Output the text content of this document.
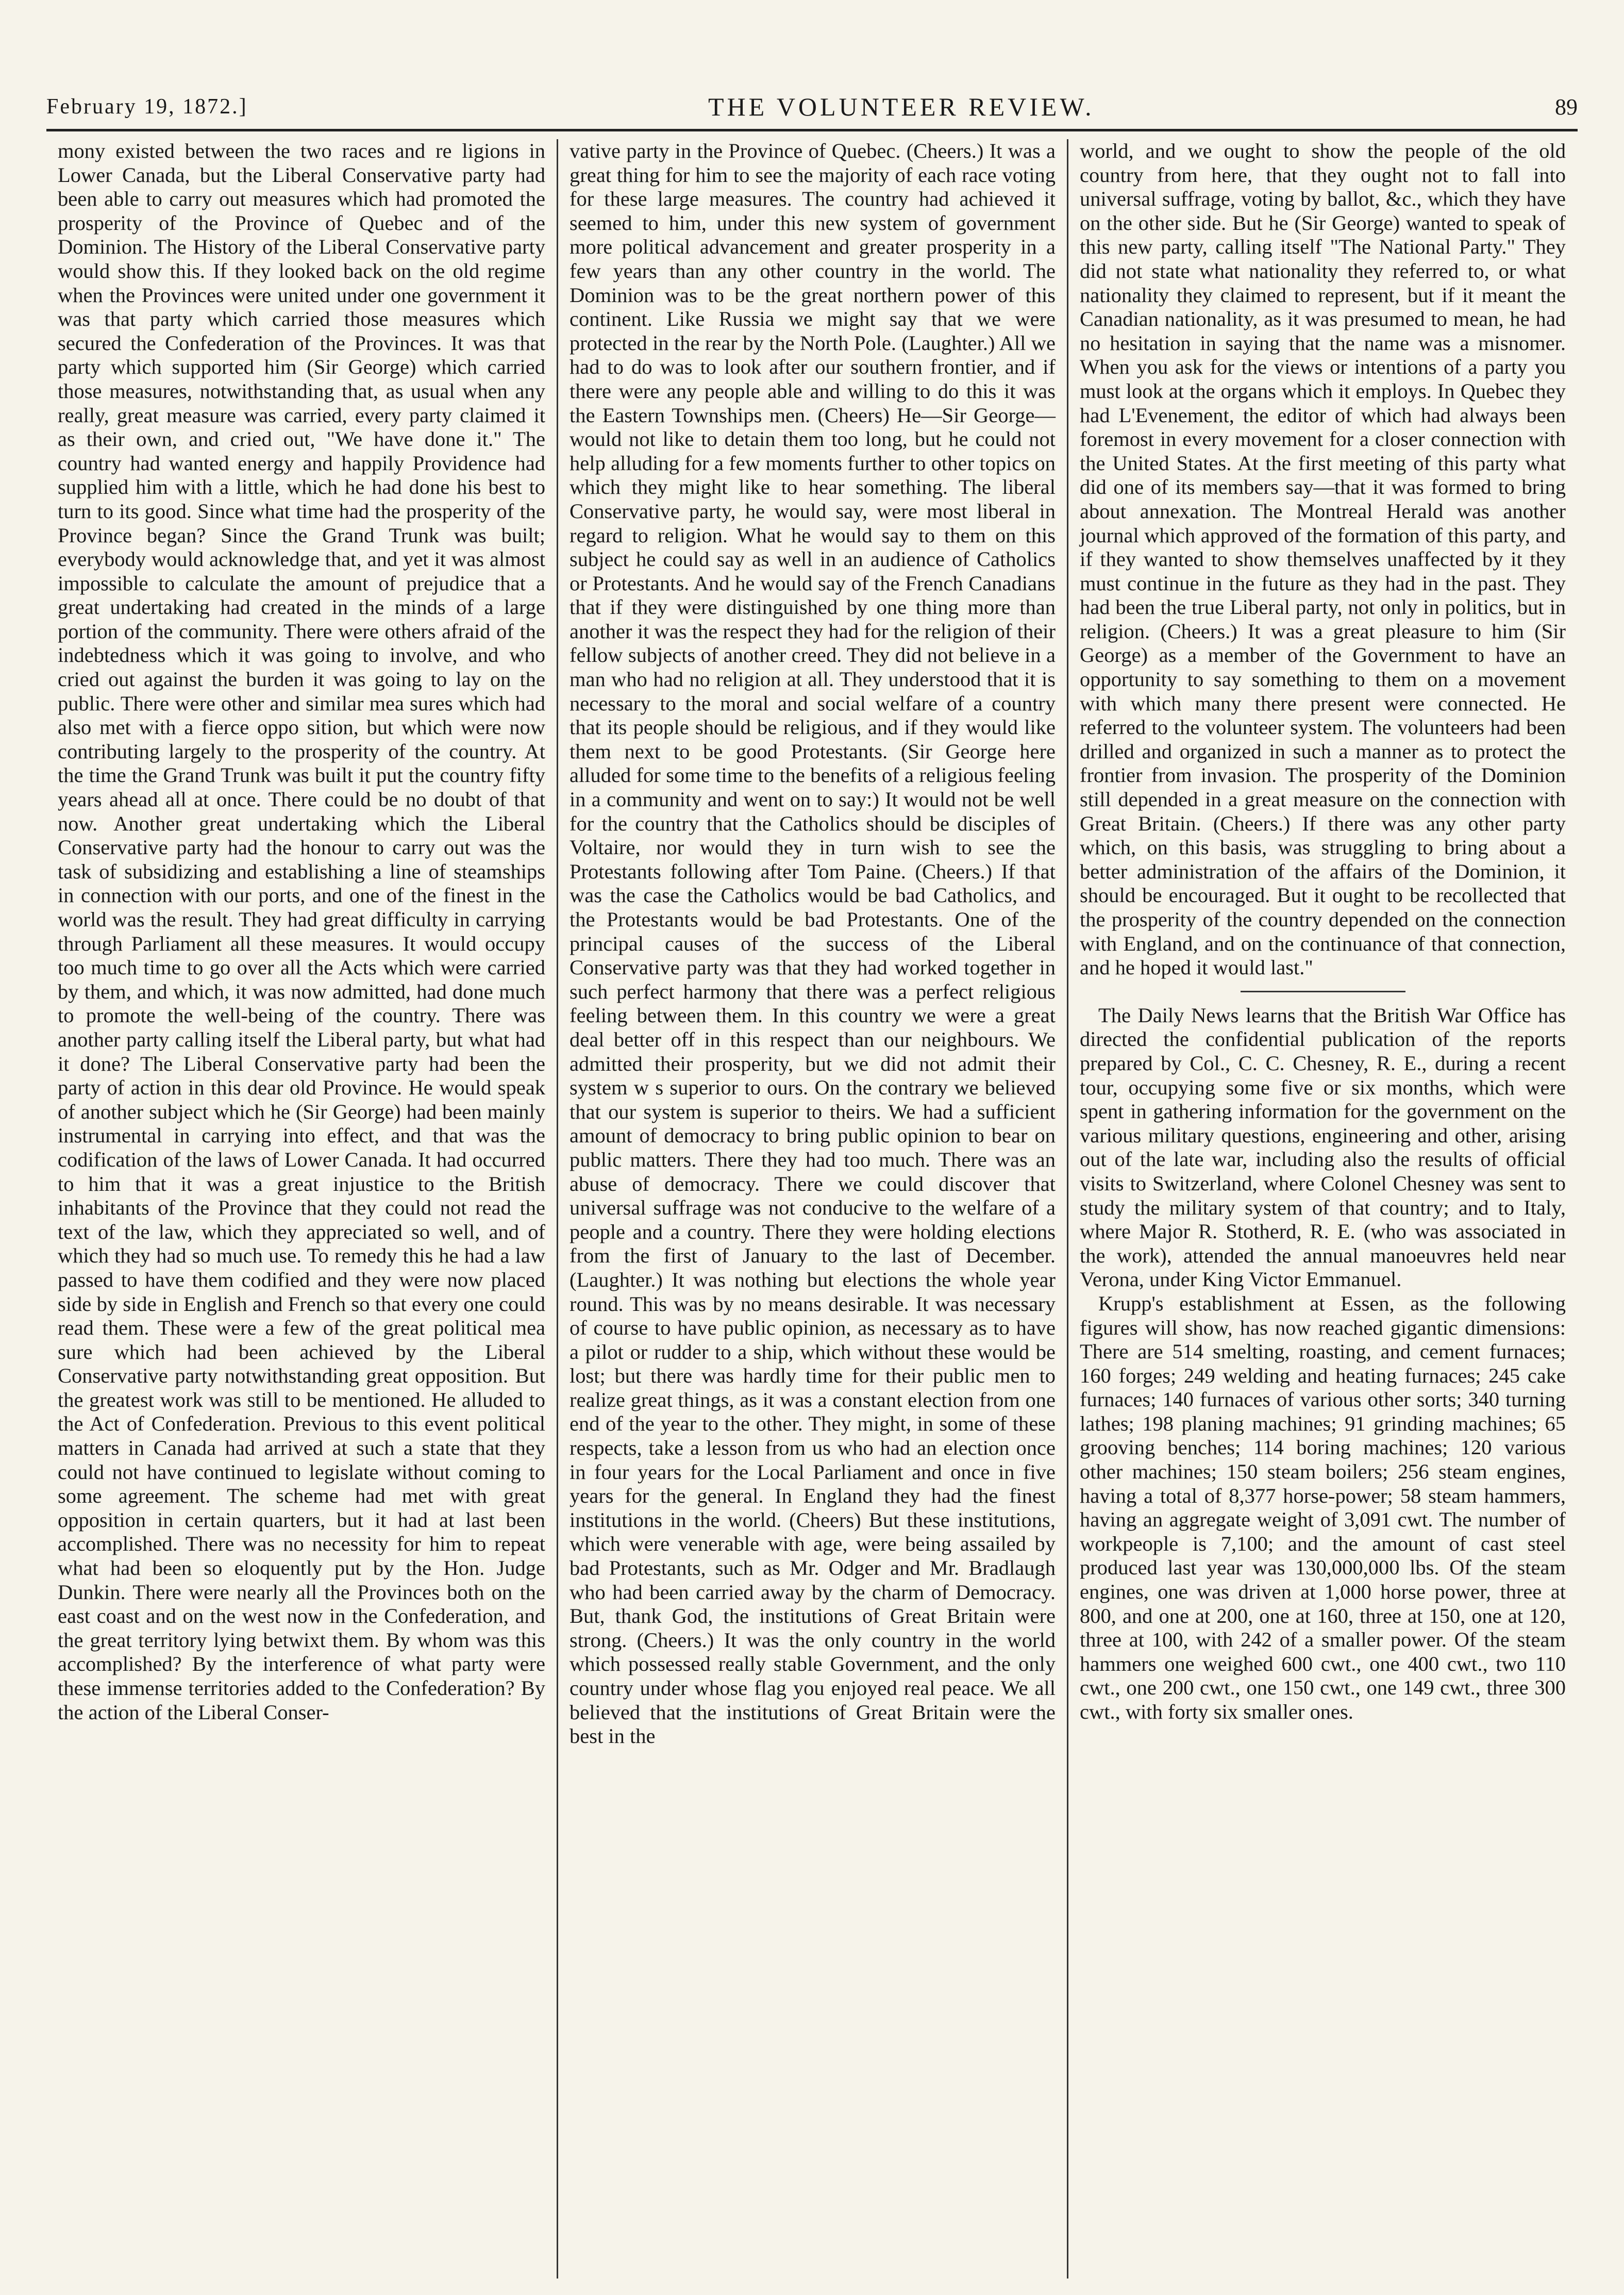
February 19, 1872.]	THE VOLUNTEER REVIEW.	89

mony existed between the two races and re ligions in Lower Canada, but the Liberal Conservative party had been able to carry out measures which had promoted the prosperity of the Province of Quebec and of the Dominion. The History of the Liberal Conservative party would show this. If they looked back on the old regime when the Provinces were united under one government it was that party which carried those measures which secured the Confederation of the Provinces. It was that party which supported him (Sir George) which carried those measures, notwithstanding that, as usual when any really, great measure was carried, every party claimed it as their own, and cried out, "We have done it." The country had wanted energy and happily Providence had supplied him with a little, which he had done his best to turn to its good. Since what time had the prosperity of the Province began? Since the Grand Trunk was built; everybody would acknowledge that, and yet it was almost impossible to calculate the amount of prejudice that a great undertaking had created in the minds of a large portion of the community. There were others afraid of the indebtedness which it was going to involve, and who cried out against the burden it was going to lay on the public. There were other and similar mea sures which had also met with a fierce oppo sition, but which were now contributing largely to the prosperity of the country. At the time the Grand Trunk was built it put the country fifty years ahead all at once. There could be no doubt of that now. Another great undertaking which the Liberal Conservative party had the honour to carry out was the task of subsidizing and establishing a line of steamships in connection with our ports, and one of the finest in the world was the result. They had great difficulty in carrying through Parliament all these measures. It would occupy too much time to go over all the Acts which were carried by them, and which, it was now admitted, had done much to promote the well-being of the country. There was another party calling itself the Liberal party, but what had it done? The Liberal Conservative party had been the party of action in this dear old Province. He would speak of another subject which he (Sir George) had been mainly instrumental in carrying into effect, and that was the codification of the laws of Lower Canada. It had occurred to him that it was a great injustice to the British inhabitants of the Province that they could not read the text of the law, which they appreciated so well, and of which they had so much use. To remedy this he had a law passed to have them codified and they were now placed side by side in English and French so that every one could read them. These were a few of the great political mea sure which had been achieved by the Liberal Conservative party notwithstanding great opposition. But the greatest work was still to be mentioned. He alluded to the Act of Confederation. Previous to this event political matters in Canada had arrived at such a state that they could not have continued to legislate without coming to some agreement. The scheme had met with great opposition in certain quarters, but it had at last been accomplished. There was no necessity for him to repeat what had been so eloquently put by the Hon. Judge Dunkin. There were nearly all the Provinces both on the east coast and on the west now in the Confederation, and the great territory lying betwixt them. By whom was this accomplished? By the interference of what party were these immense territories added to the Confederation? By the action of the Liberal Conser-

vative party in the Province of Quebec. (Cheers.) It was a great thing for him to see the majority of each race voting for these large measures. The country had achieved it seemed to him, under this new system of government more political advancement and greater prosperity in a few years than any other country in the world. The Dominion was to be the great northern power of this continent. Like Russia we might say that we were protected in the rear by the North Pole. (Laughter.) All we had to do was to look after our southern frontier, and if there were any people able and willing to do this it was the Eastern Townships men. (Cheers) He—Sir George—would not like to detain them too long, but he could not help alluding for a few moments further to other topics on which they might like to hear something. The liberal Conservative party, he would say, were most liberal in regard to religion. What he would say to them on this subject he could say as well in an audience of Catholics or Protestants. And he would say of the French Canadians that if they were distinguished by one thing more than another it was the respect they had for the religion of their fellow subjects of another creed. They did not believe in a man who had no religion at all. They understood that it is necessary to the moral and social welfare of a country that its people should be religious, and if they would like them next to be good Protestants. (Sir George here alluded for some time to the benefits of a religious feeling in a community and went on to say:) It would not be well for the country that the Catholics should be disciples of Voltaire, nor would they in turn wish to see the Protestants following after Tom Paine. (Cheers.) If that was the case the Catholics would be bad Catholics, and the Protestants would be bad Protestants. One of the principal causes of the success of the Liberal Conservative party was that they had worked together in such perfect harmony that there was a perfect religious feeling between them. In this country we were a great deal better off in this respect than our neighbours. We admitted their prosperity, but we did not admit their system w s superior to ours. On the contrary we believed that our system is superior to theirs. We had a sufficient amount of democracy to bring public opinion to bear on public matters. There they had too much. There was an abuse of democracy. There we could discover that universal suffrage was not conducive to the welfare of a people and a country. There they were holding elections from the first of January to the last of December. (Laughter.) It was nothing but elections the whole year round. This was by no means desirable. It was necessary of course to have public opinion, as necessary as to have a pilot or rudder to a ship, which without these would be lost; but there was hardly time for their public men to realize great things, as it was a constant election from one end of the year to the other. They might, in some of these respects, take a lesson from us who had an election once in four years for the Local Parliament and once in five years for the general. In England they had the finest institutions in the world. (Cheers) But these institutions, which were venerable with age, were being assailed by bad Protestants, such as Mr. Odger and Mr. Bradlaugh who had been carried away by the charm of Democracy. But, thank God, the institutions of Great Britain were strong. (Cheers.) It was the only country in the world which possessed really stable Government, and the only country under whose flag you enjoyed real peace. We all believed that the institutions of Great Britain were the best in the

world, and we ought to show the people of the old country from here, that they ought not to fall into universal suffrage, voting by ballot, &c., which they have on the other side. But he (Sir George) wanted to speak of this new party, calling itself "The National Party." They did not state what nationality they referred to, or what nationality they claimed to represent, but if it meant the Canadian nationality, as it was presumed to mean, he had no hesitation in saying that the name was a misnomer. When you ask for the views or intentions of a party you must look at the organs which it employs. In Quebec they had L'Evenement, the editor of which had always been foremost in every movement for a closer connection with the United States. At the first meeting of this party what did one of its members say—that it was formed to bring about annexation. The Montreal Herald was another journal which approved of the formation of this party, and if they wanted to show themselves unaffected by it they must continue in the future as they had in the past. They had been the true Liberal party, not only in politics, but in religion. (Cheers.) It was a great pleasure to him (Sir George) as a member of the Government to have an opportunity to say something to them on a movement with which many there present were connected. He referred to the volunteer system. The volunteers had been drilled and organized in such a manner as to protect the frontier from invasion. The prosperity of the Dominion still depended in a great measure on the connection with Great Britain. (Cheers.) If there was any other party which, on this basis, was struggling to bring about a better administration of the affairs of the Dominion, it should be encouraged. But it ought to be recollected that the prosperity of the country depended on the connection with England, and on the continuance of that connection, and he hoped it would last."

The Daily News learns that the British War Office has directed the confidential publication of the reports prepared by Col., C. C. Chesney, R. E., during a recent tour, occupying some five or six months, which were spent in gathering information for the government on the various military questions, engineering and other, arising out of the late war, including also the results of official visits to Switzerland, where Colonel Chesney was sent to study the military system of that country; and to Italy, where Major R. Stotherd, R. E. (who was associated in the work), attended the annual manoeuvres held near Verona, under King Victor Emmanuel.

Krupp's establishment at Essen, as the following figures will show, has now reached gigantic dimensions: There are 514 smelting, roasting, and cement furnaces; 160 forges; 249 welding and heating furnaces; 245 cake furnaces; 140 furnaces of various other sorts; 340 turning lathes; 198 planing machines; 91 grinding machines; 65 grooving benches; 114 boring machines; 120 various other machines; 150 steam boilers; 256 steam engines, having a total of 8,377 horse-power; 58 steam hammers, having an aggregate weight of 3,091 cwt. The number of workpeople is 7,100; and the amount of cast steel produced last year was 130,000,000 lbs. Of the steam engines, one was driven at 1,000 horse power, three at 800, and one at 200, one at 160, three at 150, one at 120, three at 100, with 242 of a smaller power. Of the steam hammers one weighed 600 cwt., one 400 cwt., two 110 cwt., one 200 cwt., one 150 cwt., one 149 cwt., three 300 cwt., with forty six smaller ones.
